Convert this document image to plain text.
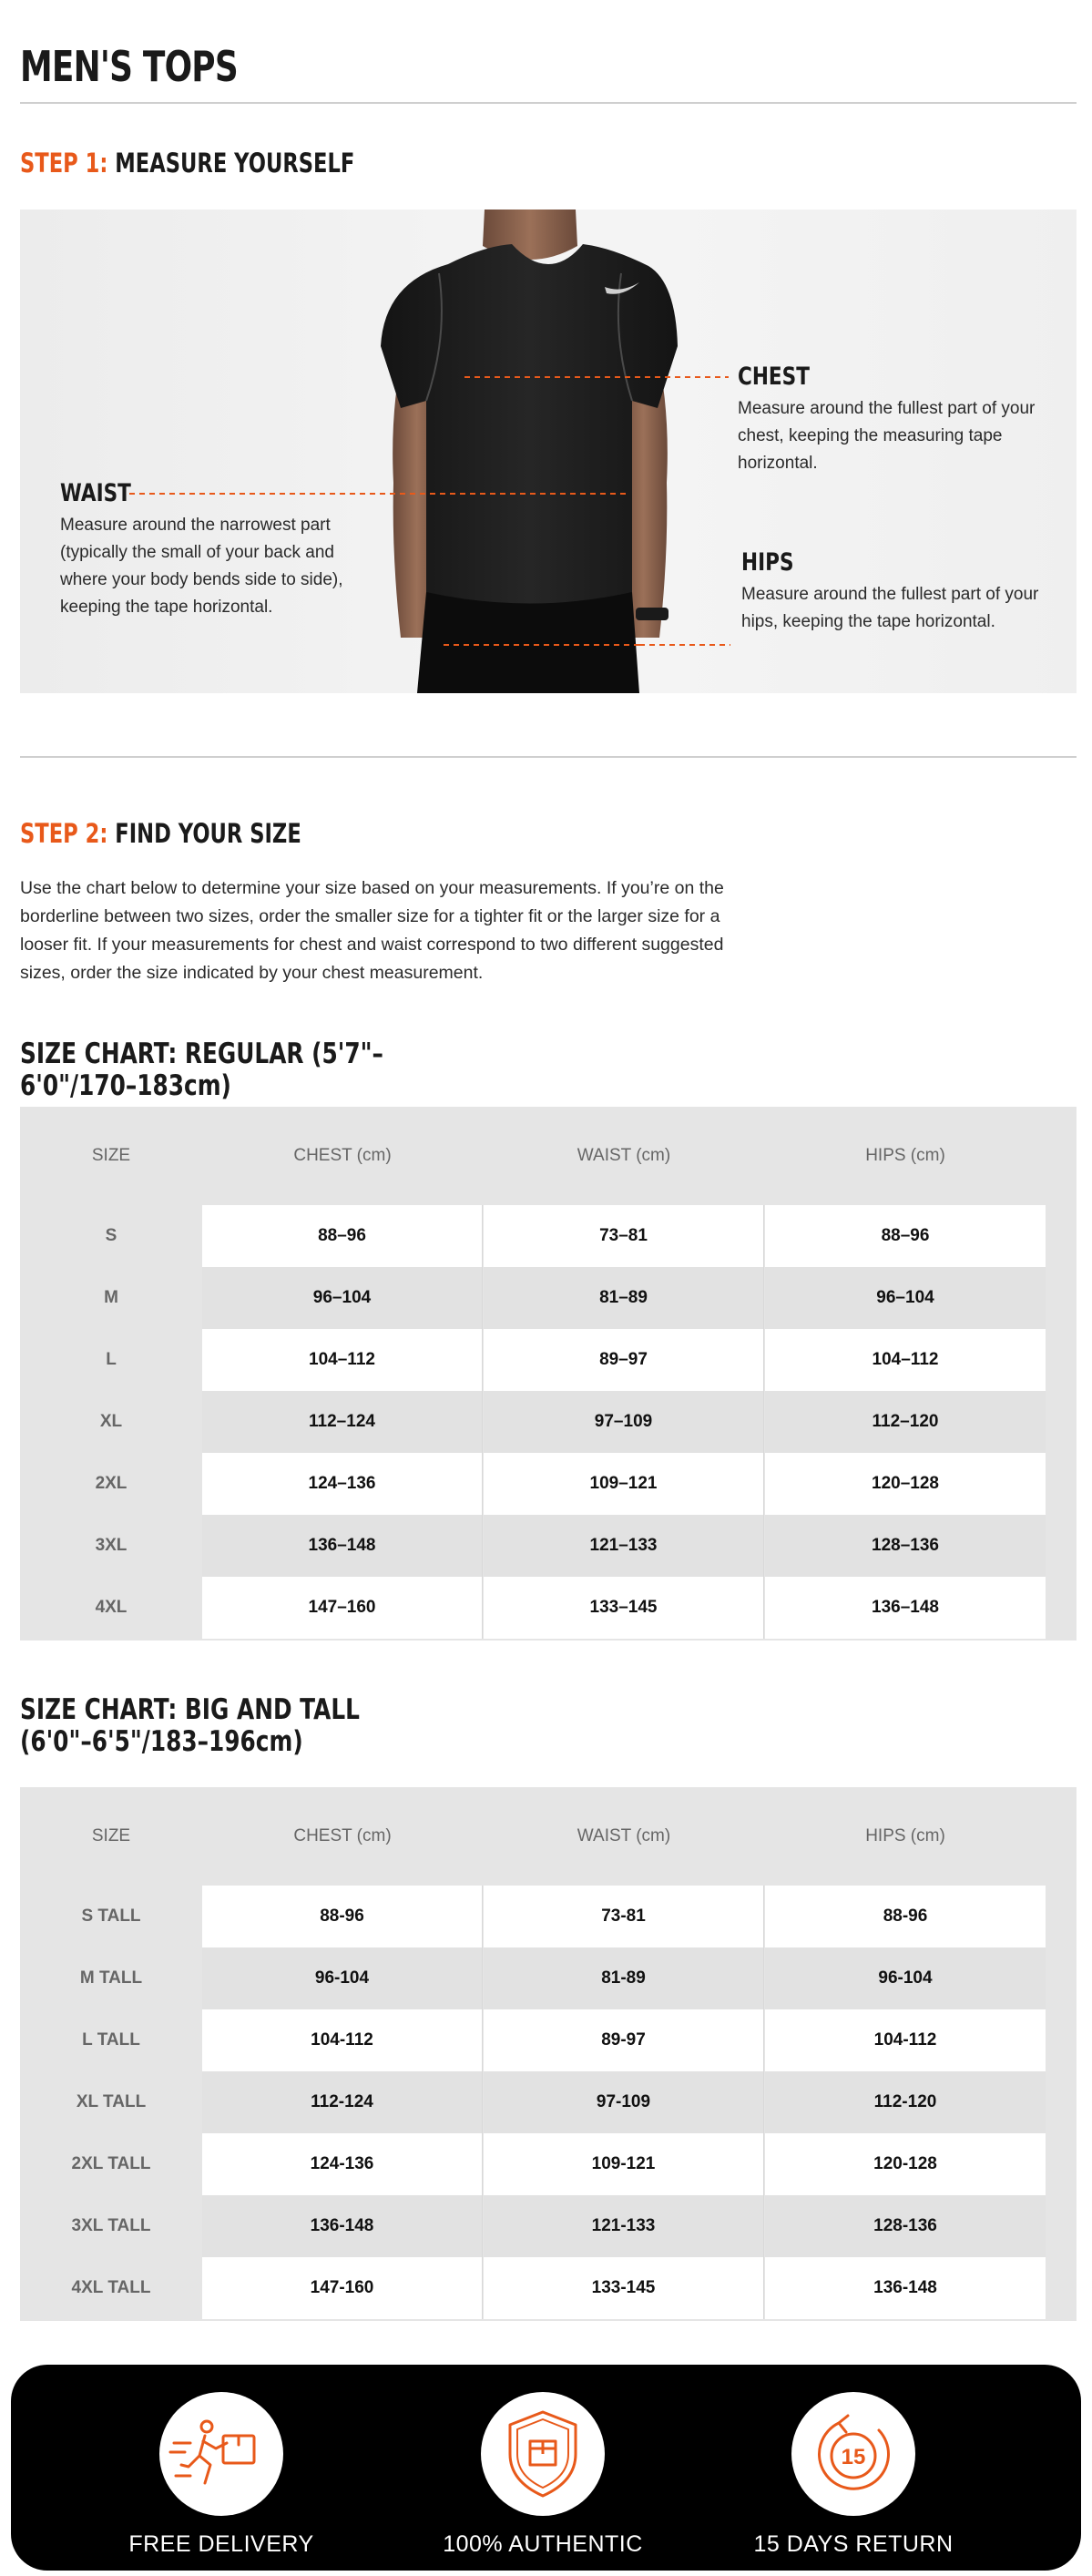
MEN'S TOPS
STEP 1: MEASURE YOURSELF
CHEST
Measure around the fullest part of your chest, keeping the measuring tape horizontal.
WAIST
Measure around the narrowest part (typically the small of your back and where your body bends side to side), keeping the tape horizontal.
HIPS
Measure around the fullest part of your hips, keeping the tape horizontal.
STEP 2: FIND YOUR SIZE
Use the chart below to determine your size based on your measurements. If you’re on the borderline between two sizes, order the smaller size for a tighter fit or the larger size for a looser fit. If your measurements for chest and waist correspond to two different suggested sizes, order the size indicated by your chest measurement.
SIZE CHART: REGULAR (5'7"–6'0"/170–183cm)
SIZE	CHEST (cm)	WAIST (cm)	HIPS (cm)
S	88–96	73–81	88–96
M	96–104	81–89	96–104
L	104–112	89–97	104–112
XL	112–124	97–109	112–120
2XL	124–136	109–121	120–128
3XL	136–148	121–133	128–136
4XL	147–160	133–145	136–148
SIZE CHART: BIG AND TALL (6'0"–6'5"/183–196cm)
SIZE	CHEST (cm)	WAIST (cm)	HIPS (cm)
S TALL	88-96	73-81	88-96
M TALL	96-104	81-89	96-104
L TALL	104-112	89-97	104-112
XL TALL	112-124	97-109	112-120
2XL TALL	124-136	109-121	120-128
3XL TALL	136-148	121-133	128-136
4XL TALL	147-160	133-145	136-148
FREE DELIVERY	100% AUTHENTIC
15
15 DAYS RETURN
